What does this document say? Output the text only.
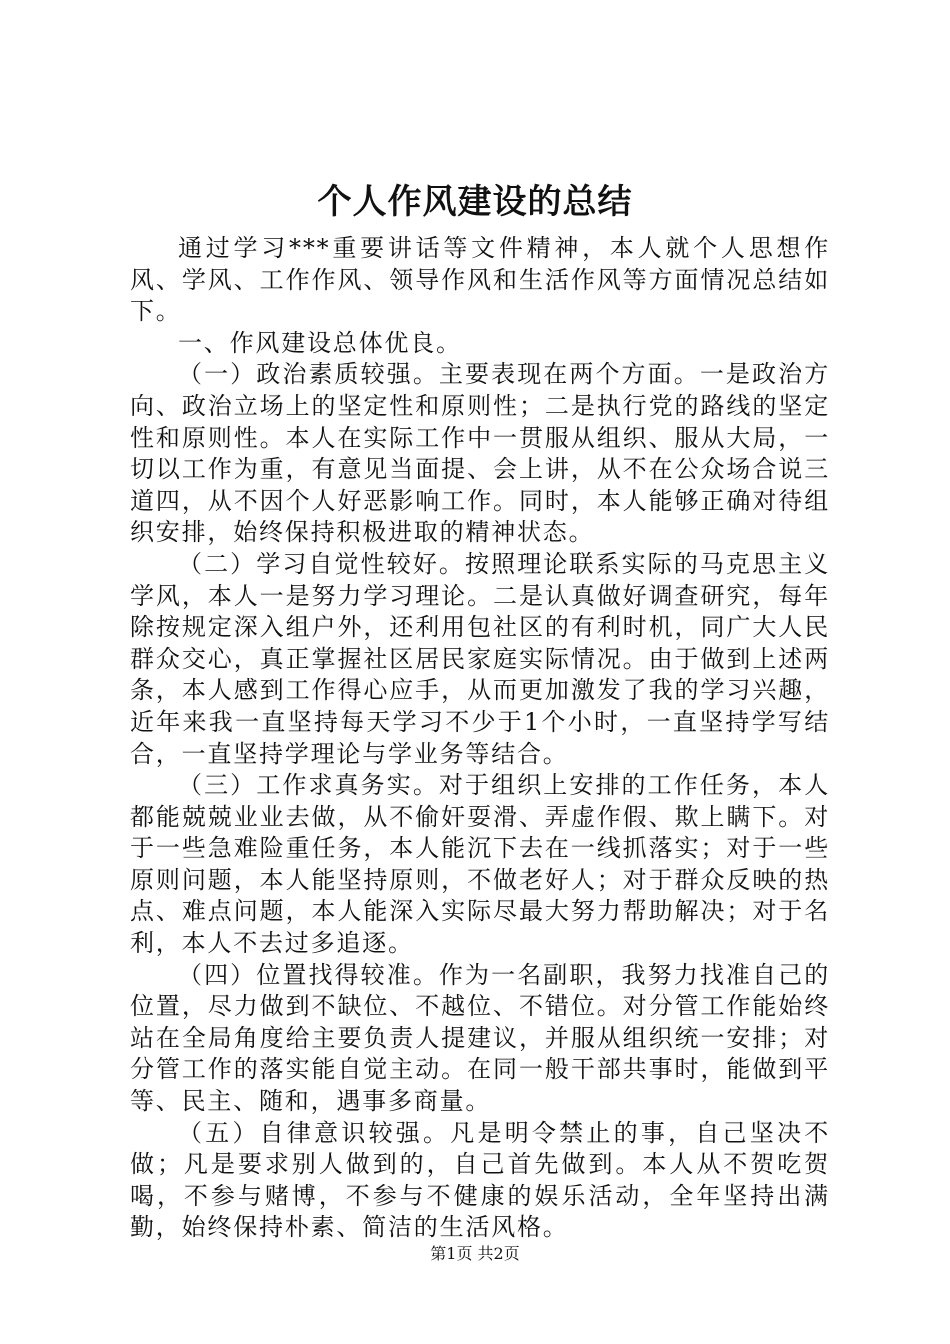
个人作风建设的总结

通过学习***重要讲话等文件精神，本人就个人思想作风、学风、工作作风、领导作风和生活作风等方面情况总结如下。

一、作风建设总体优良。

（一）政治素质较强。主要表现在两个方面。一是政治方向、政治立场上的坚定性和原则性；二是执行党的路线的坚定性和原则性。本人在实际工作中一贯服从组织、服从大局，一切以工作为重，有意见当面提、会上讲，从不在公众场合说三道四，从不因个人好恶影响工作。同时，本人能够正确对待组织安排，始终保持积极进取的精神状态。

（二）学习自觉性较好。按照理论联系实际的马克思主义学风，本人一是努力学习理论。二是认真做好调查研究，每年除按规定深入组户外，还利用包社区的有利时机，同广大人民群众交心，真正掌握社区居民家庭实际情况。由于做到上述两条，本人感到工作得心应手，从而更加激发了我的学习兴趣，近年来我一直坚持每天学习不少于1个小时，一直坚持学写结合，一直坚持学理论与学业务等结合。

（三）工作求真务实。对于组织上安排的工作任务，本人都能兢兢业业去做，从不偷奸耍滑、弄虚作假、欺上瞒下。对于一些急难险重任务，本人能沉下去在一线抓落实；对于一些原则问题，本人能坚持原则，不做老好人；对于群众反映的热点、难点问题，本人能深入实际尽最大努力帮助解决；对于名利，本人不去过多追逐。

（四）位置找得较准。作为一名副职，我努力找准自己的位置，尽力做到不缺位、不越位、不错位。对分管工作能始终站在全局角度给主要负责人提建议，并服从组织统一安排；对分管工作的落实能自觉主动。在同一般干部共事时，能做到平等、民主、随和，遇事多商量。

（五）自律意识较强。凡是明令禁止的事，自己坚决不做；凡是要求别人做到的，自己首先做到。本人从不贺吃贺喝，不参与赌博，不参与不健康的娱乐活动，全年坚持出满勤，始终保持朴素、简洁的生活风格。

第1页 共2页
